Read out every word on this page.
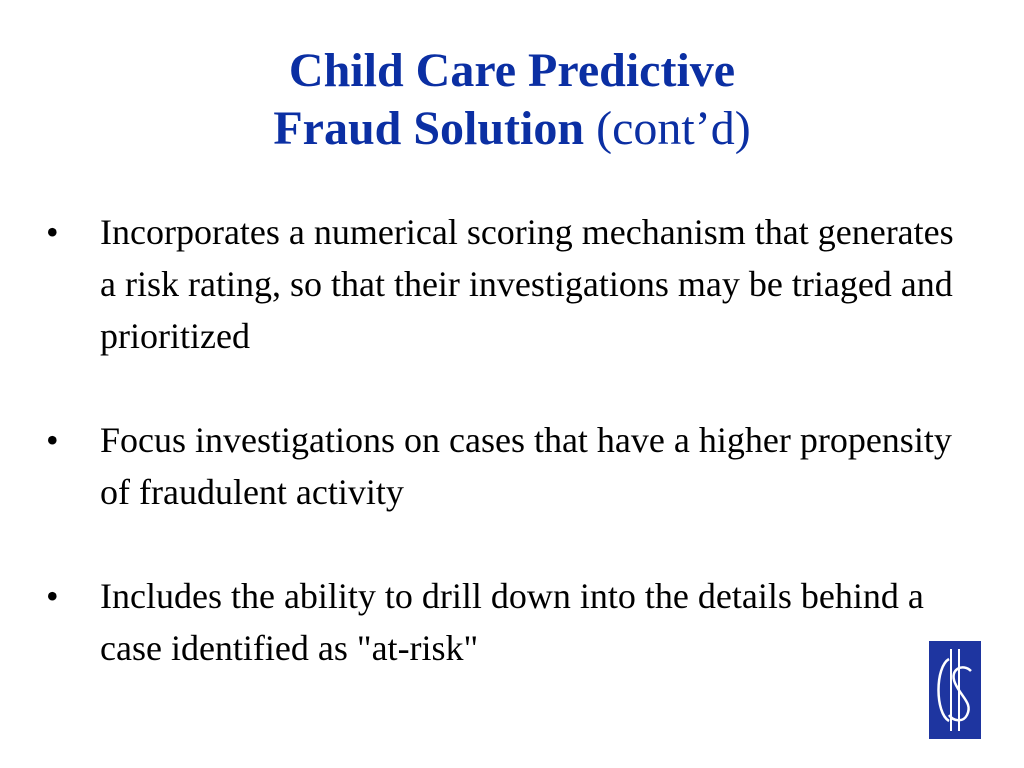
Child Care Predictive
Fraud Solution (cont’d)
•	Incorporates a numerical scoring mechanism that generates a risk rating, so that their investigations may be triaged and prioritized
•	Focus investigations on cases that have a higher propensity of fraudulent activity
•	Includes the ability to drill down into the details behind a case identified as "at-risk"
